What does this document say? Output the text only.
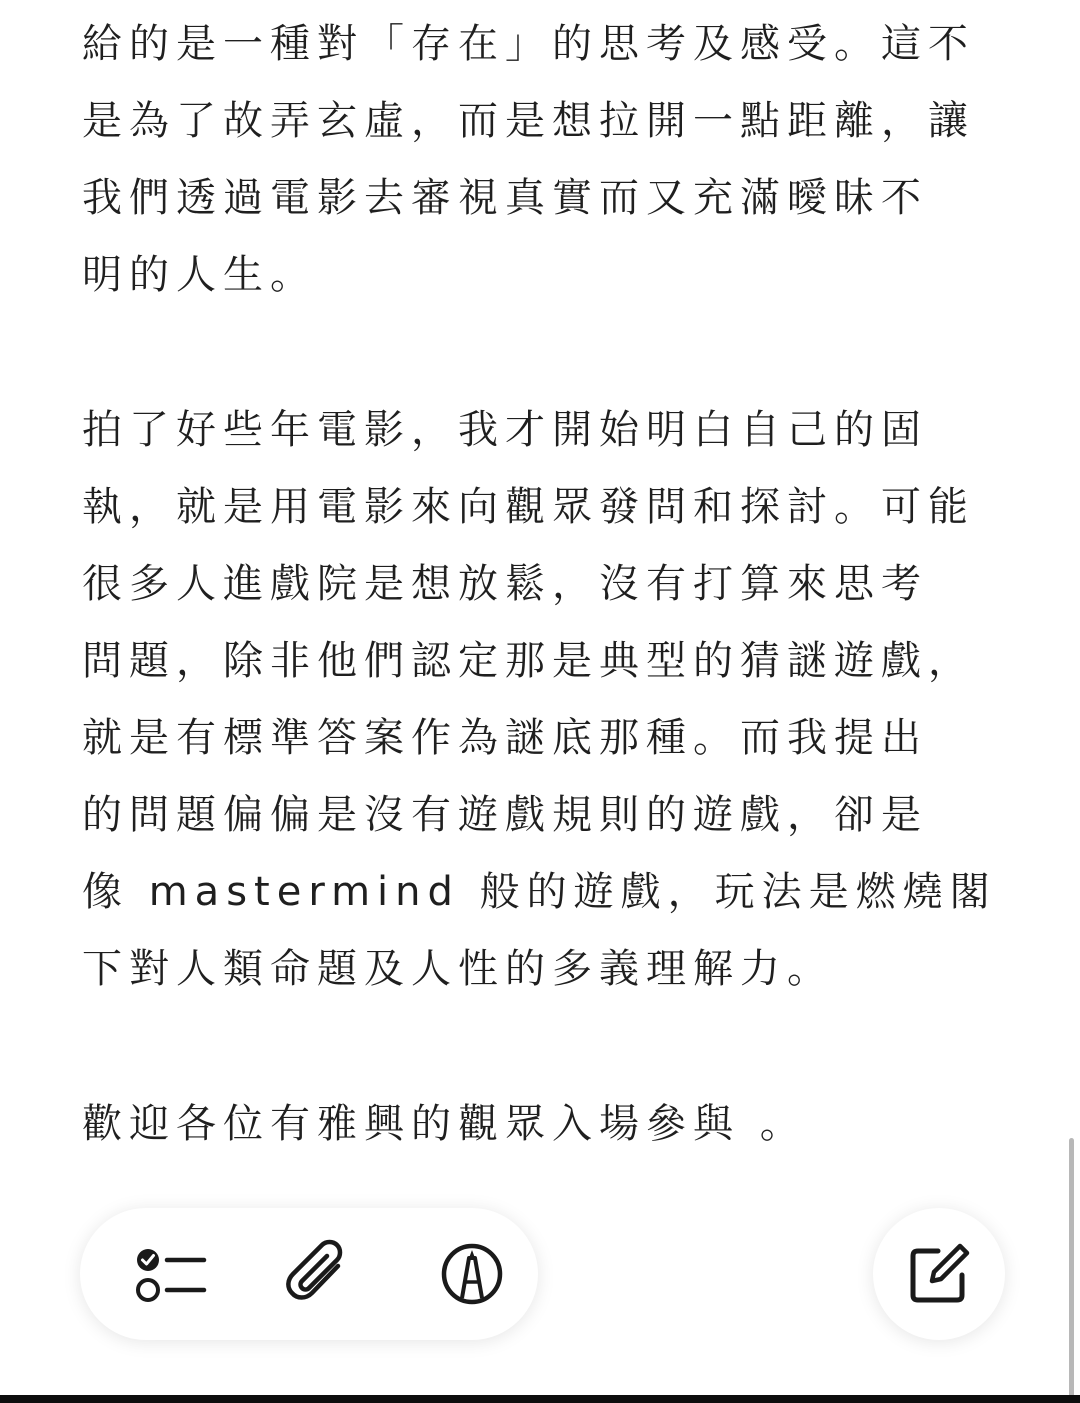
給的是一種對「存在」的思考及感受。這不
是為了故弄玄虛，而是想拉開一點距離，讓
我們透過電影去審視真實而又充滿曖昧不
明的人生。
拍了好些年電影，我才開始明白自己的固
執，就是用電影來向觀眾發問和探討。可能
很多人進戲院是想放鬆，沒有打算來思考
問題，除非他們認定那是典型的猜謎遊戲，
就是有標準答案作為謎底那種。而我提出
的問題偏偏是沒有遊戲規則的遊戲，卻是
像 mastermind 般的遊戲，玩法是燃燒閣
下對人類命題及人性的多義理解力。
歡迎各位有雅興的觀眾入場參與 。
